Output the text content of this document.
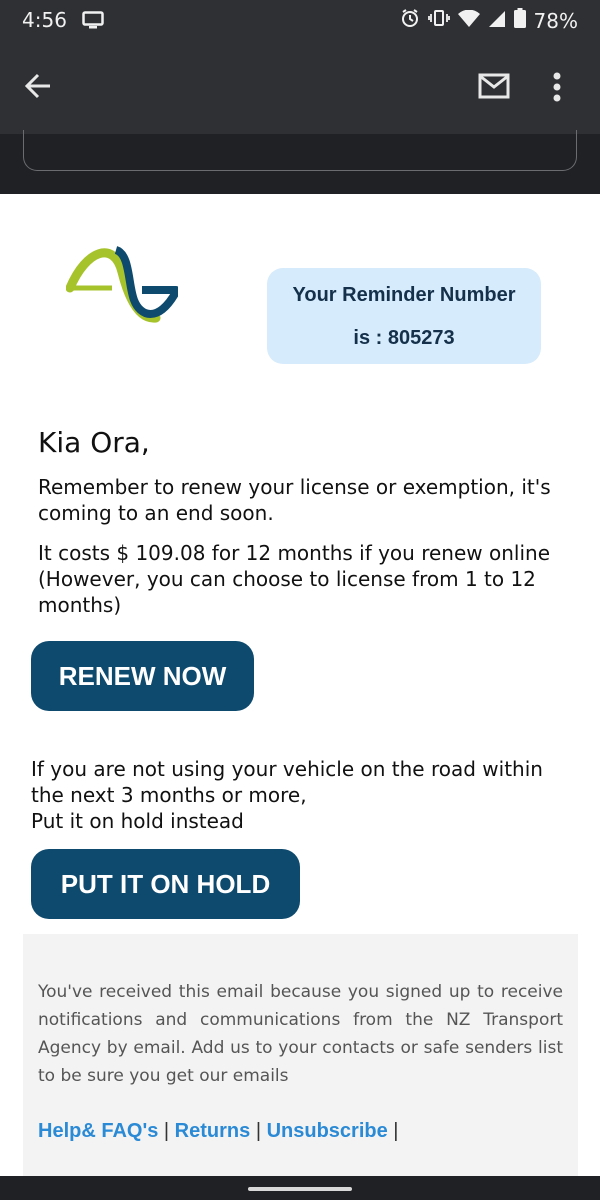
4:56	78%
Your Reminder Number
is : 805273
Kia Ora,
Remember to renew your license or exemption, it's coming to an end soon.
It costs $ 109.08 for 12 months if you renew online (However, you can choose to license from 1 to 12 months)
RENEW NOW
If you are not using your vehicle on the road within the next 3 months or more,
Put it on hold instead
PUT IT ON HOLD
You've received this email because you signed up to receive notifications and communications from the NZ Transport Agency by email. Add us to your contacts or safe senders list to be sure you get our emails
Help& FAQ's | Returns | Unsubscribe |
